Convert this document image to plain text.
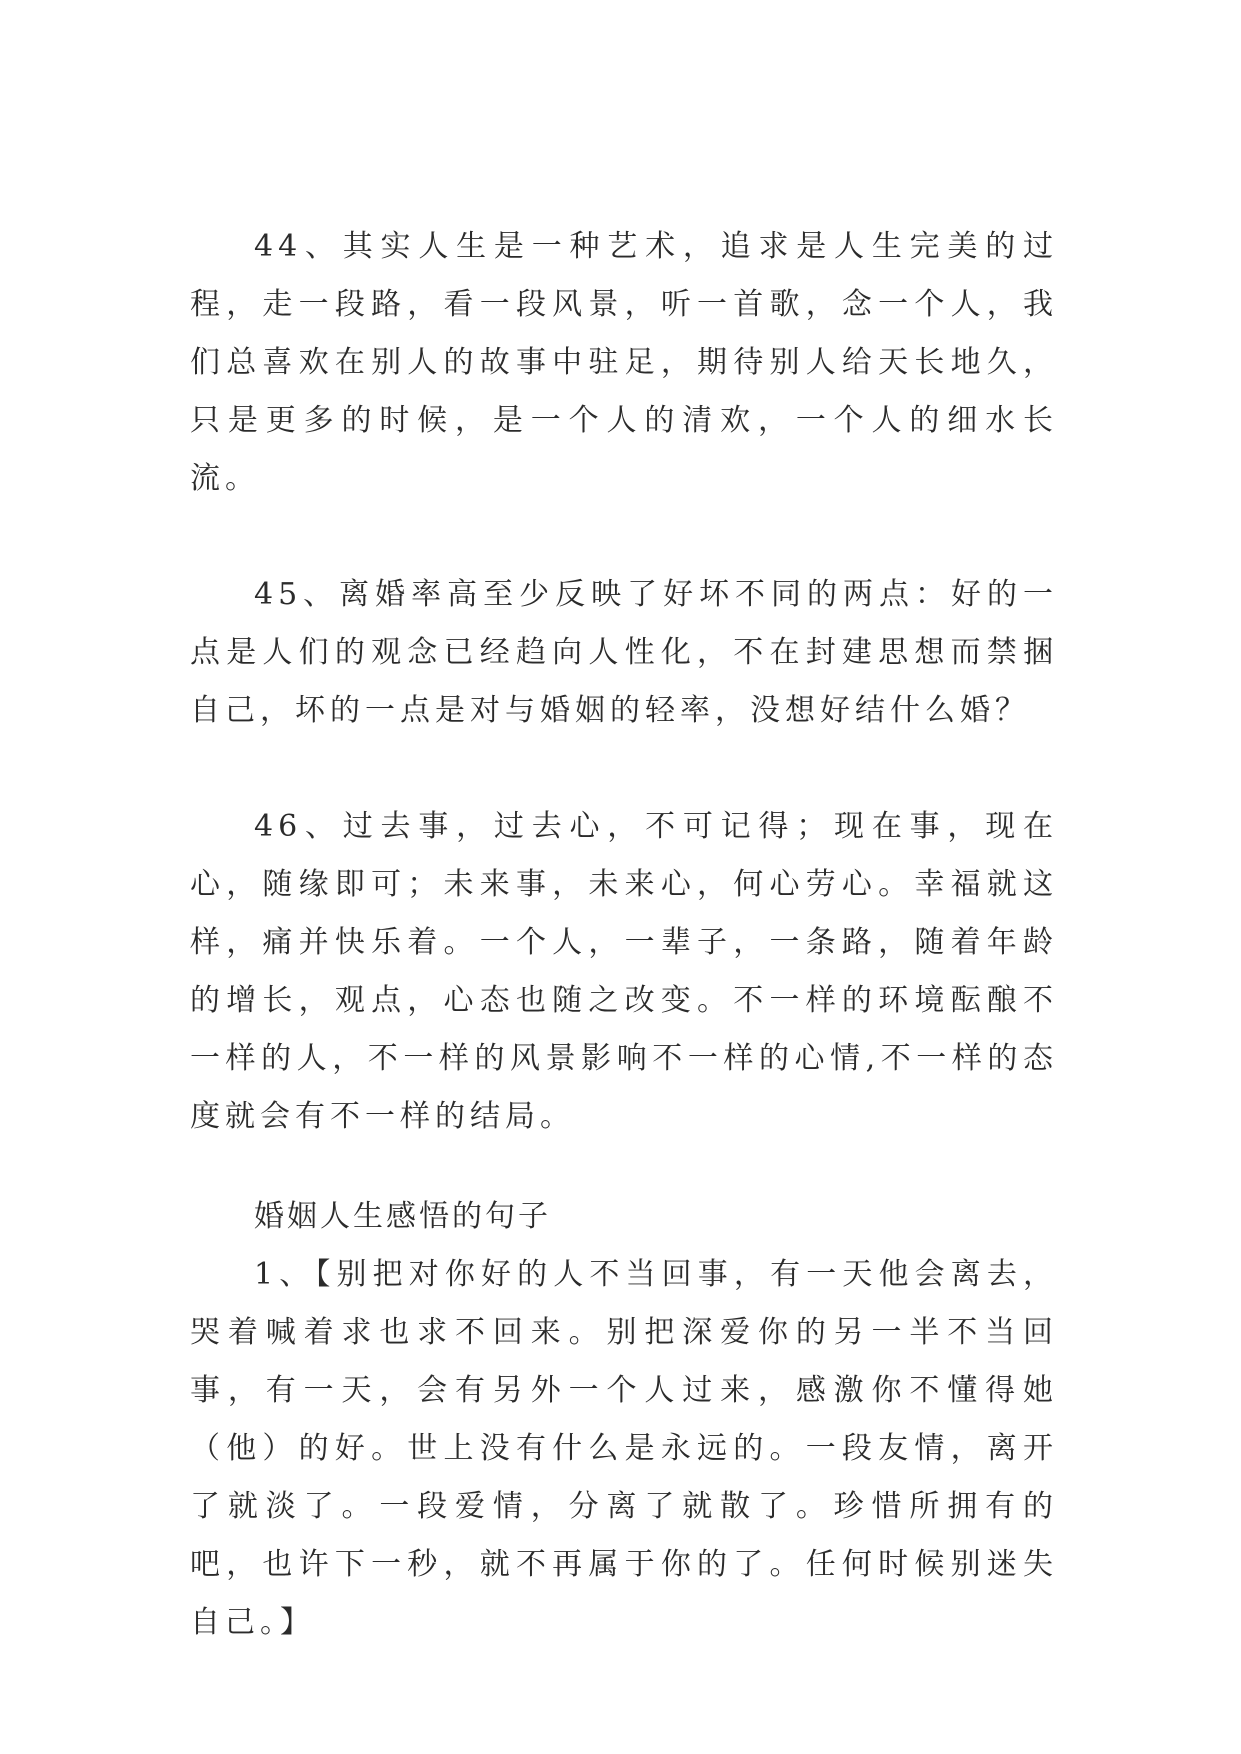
44、其实人生是一种艺术，追求是人生完美的过程，走一段路，看一段风景，听一首歌，念一个人，我们总喜欢在别人的故事中驻足，期待别人给天长地久，只是更多的时候，是一个人的清欢，一个人的细水长流。

45、离婚率高至少反映了好坏不同的两点：好的一点是人们的观念已经趋向人性化，不在封建思想而禁捆自己，坏的一点是对与婚姻的轻率，没想好结什么婚？

46、过去事，过去心，不可记得；现在事，现在心，随缘即可；未来事，未来心，何心劳心。幸福就这样，痛并快乐着。一个人，一辈子，一条路，随着年龄的增长，观点，心态也随之改变。不一样的环境酝酿不一样的人，不一样的风景影响不一样的心情,不一样的态度就会有不一样的结局。

婚姻人生感悟的句子

1、【别把对你好的人不当回事，有一天他会离去，哭着喊着求也求不回来。别把深爱你的另一半不当回事，有一天，会有另外一个人过来，感激你不懂得她（他）的好。世上没有什么是永远的。一段友情，离开了就淡了。一段爱情，分离了就散了。珍惜所拥有的吧，也许下一秒，就不再属于你的了。任何时候别迷失自己。】
